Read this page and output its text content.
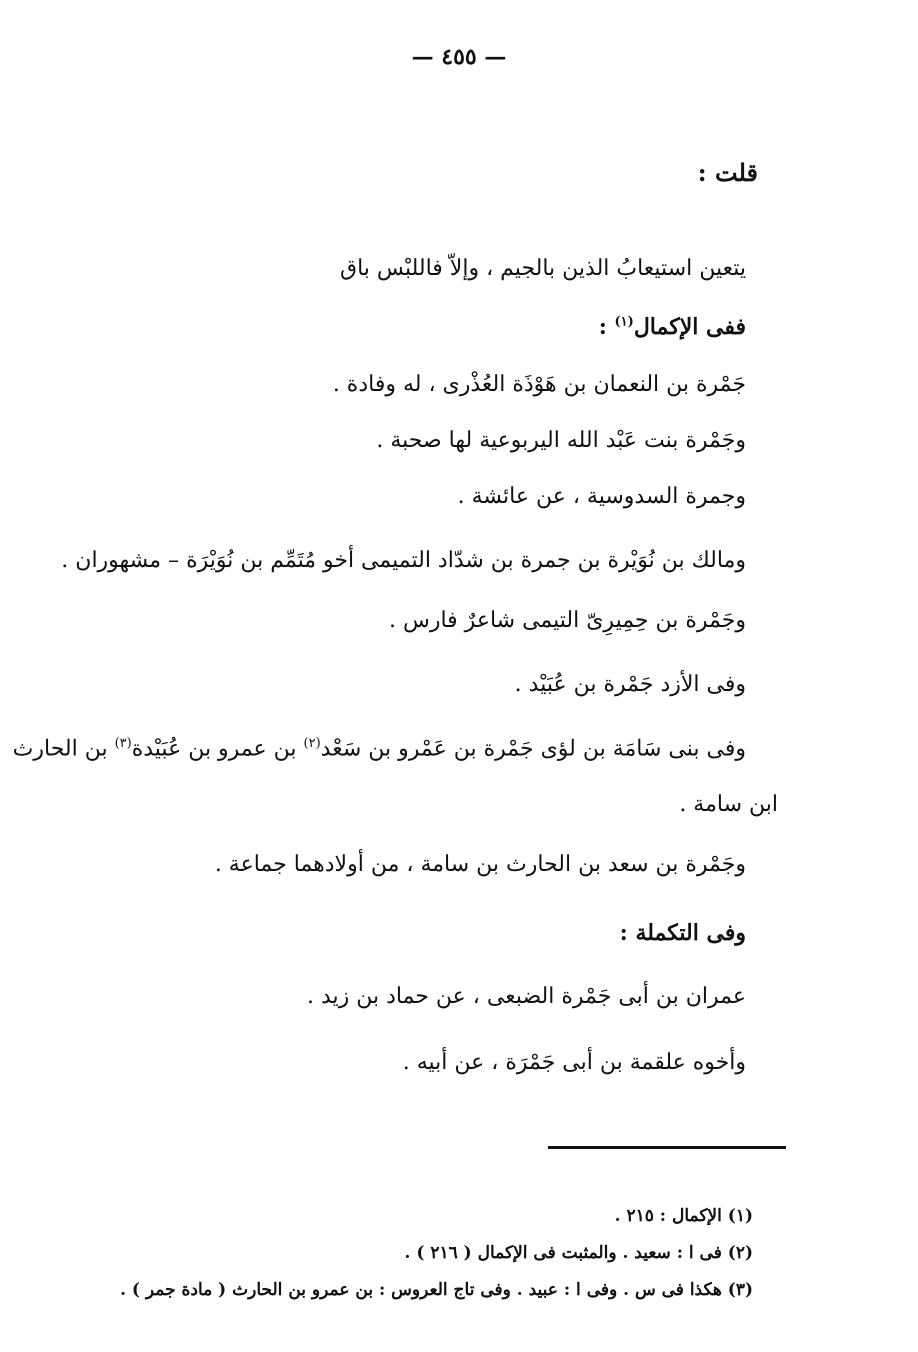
— ٤٥٥ —
قلت :
يتعين استيعابُ الذين بالجيم ، وإلاّ فاللبْس باق
ففى الإكمال$^{(١)}$ :
جَمْرة بن النعمان بن هَوْذَة العُذْرى ، له وفادة .
وجَمْرة بنت عَبْد الله اليربوعية لها صحبة .
وجمرة السدوسية ، عن عائشة .
ومالك بن نُوَيْرة بن جمرة بن شدّاد التميمى أخو مُتَمِّم بن نُوَيْرَة – مشهوران .
وجَمْرة بن حِمِيرِىّ التيمى شاعرٌ فارس .
وفى الأزد جَمْرة بن عُبَيْد .
وفى بنى سَامَة بن لؤى جَمْرة بن عَمْرو بن سَعْد$^{(٢)}$ بن عمرو بن عُبَيْدة$^{(٣)}$ بن الحارث
ابن سامة .
وجَمْرة بن سعد بن الحارث بن سامة ، من أولادهما جماعة .
وفى التكملة :
عمران بن أبى جَمْرة الضبعى ، عن حماد بن زيد .
وأخوه علقمة بن أبى جَمْرَة ، عن أبيه .
(١) الإكمال : ٢١٥ .
(٢) فى ا : سعيد . والمثبت فى الإكمال ( ٢١٦ ) .
(٣) هكذا فى س . وفى ا : عبيد . وفى تاج العروس : بن عمرو بن الحارث ( مادة جمر ) .
